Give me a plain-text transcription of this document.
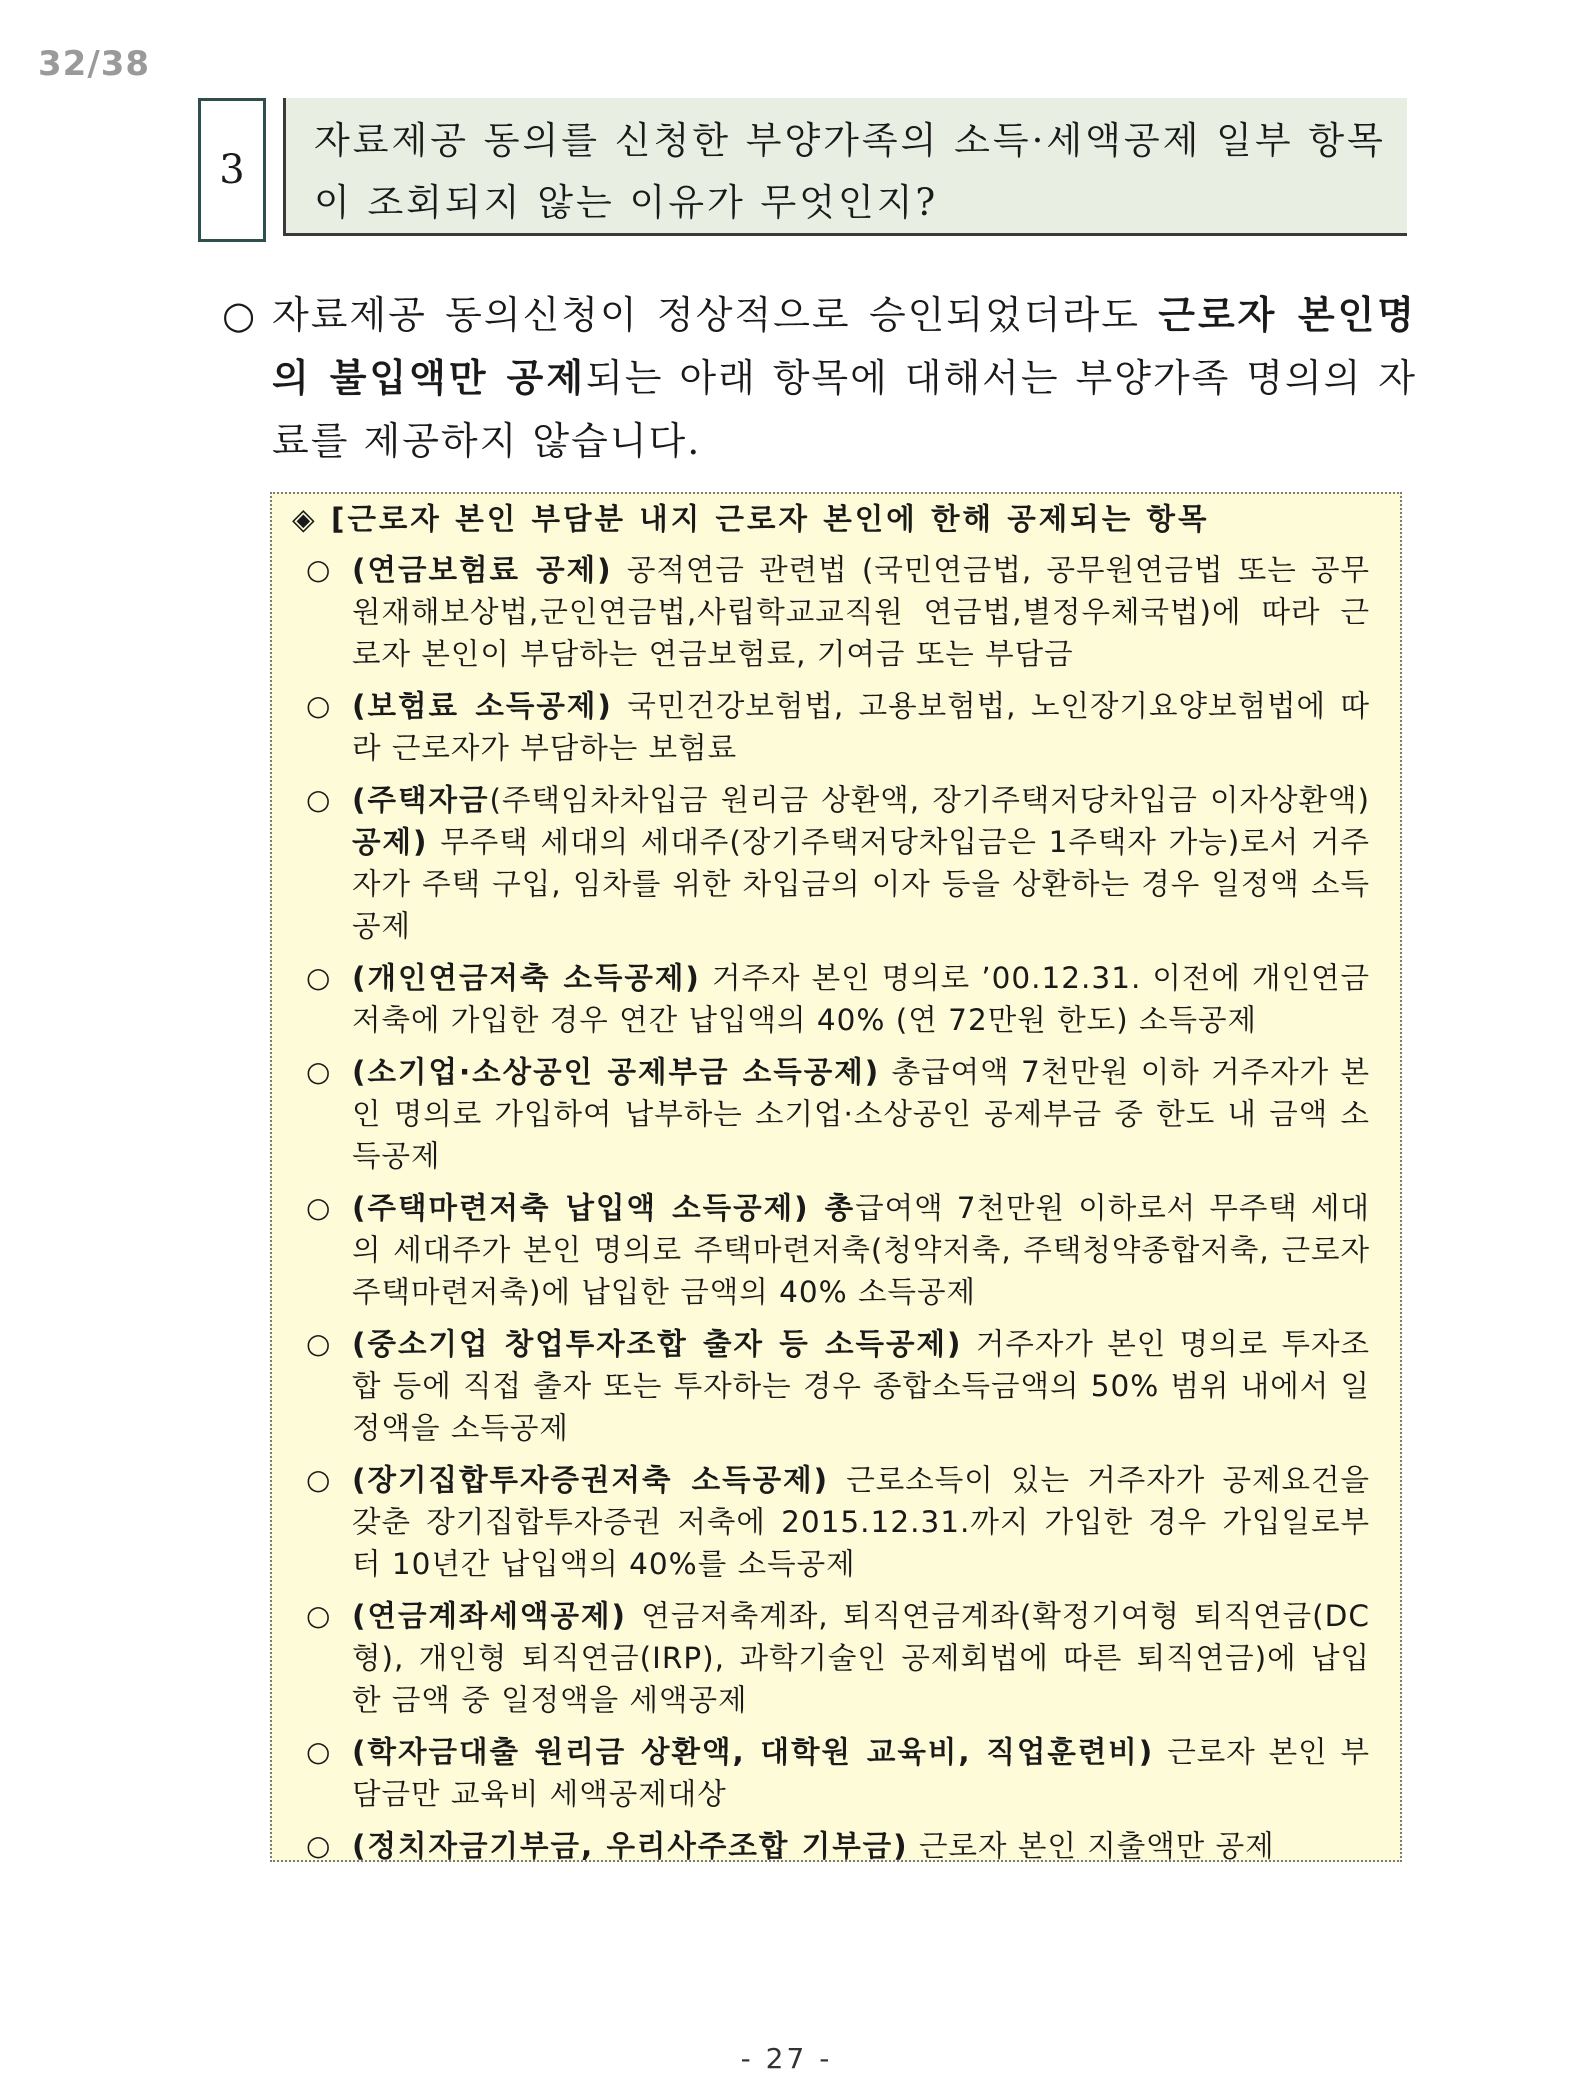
32/38
3
자료제공 동의를 신청한 부양가족의 소득·세액공제 일부 항목이 조회되지 않는 이유가 무엇인지?
○ 자료제공 동의신청이 정상적으로 승인되었더라도 근로자 본인명의 불입액만 공제되는 아래 항목에 대해서는 부양가족 명의의 자료를 제공하지 않습니다.
◈ [근로자 본인 부담분 내지 근로자 본인에 한해 공제되는 항목
○ (연금보험료 공제) 공적연금 관련법 (국민연금법, 공무원연금법 또는 공무원재해보상법,군인연금법,사립학교교직원 연금법,별정우체국법)에 따라 근로자 본인이 부담하는 연금보험료, 기여금 또는 부담금
○ (보험료 소득공제) 국민건강보험법, 고용보험법, 노인장기요양보험법에 따라 근로자가 부담하는 보험료
○ (주택자금(주택임차차입금 원리금 상환액, 장기주택저당차입금 이자상환액) 공제) 무주택 세대의 세대주(장기주택저당차입금은 1주택자 가능)로서 거주자가 주택 구입, 임차를 위한 차입금의 이자 등을 상환하는 경우 일정액 소득공제
○ (개인연금저축 소득공제) 거주자 본인 명의로 ’00.12.31. 이전에 개인연금저축에 가입한 경우 연간 납입액의 40% (연 72만원 한도) 소득공제
○ (소기업·소상공인 공제부금 소득공제) 총급여액 7천만원 이하 거주자가 본인 명의로 가입하여 납부하는 소기업·소상공인 공제부금 중 한도 내 금액 소득공제
○ (주택마련저축 납입액 소득공제) 총급여액 7천만원 이하로서 무주택 세대의 세대주가 본인 명의로 주택마련저축(청약저축, 주택청약종합저축, 근로자주택마련저축)에 납입한 금액의 40% 소득공제
○ (중소기업 창업투자조합 출자 등 소득공제) 거주자가 본인 명의로 투자조합 등에 직접 출자 또는 투자하는 경우 종합소득금액의 50% 범위 내에서 일정액을 소득공제
○ (장기집합투자증권저축 소득공제) 근로소득이 있는 거주자가 공제요건을 갖춘 장기집합투자증권 저축에 2015.12.31.까지 가입한 경우 가입일로부터 10년간 납입액의 40%를 소득공제
○ (연금계좌세액공제) 연금저축계좌, 퇴직연금계좌(확정기여형 퇴직연금(DC형), 개인형 퇴직연금(IRP), 과학기술인 공제회법에 따른 퇴직연금)에 납입한 금액 중 일정액을 세액공제
○ (학자금대출 원리금 상환액, 대학원 교육비, 직업훈련비) 근로자 본인 부담금만 교육비 세액공제대상
○ (정치자금기부금, 우리사주조합 기부금) 근로자 본인 지출액만 공제
- 27 -
